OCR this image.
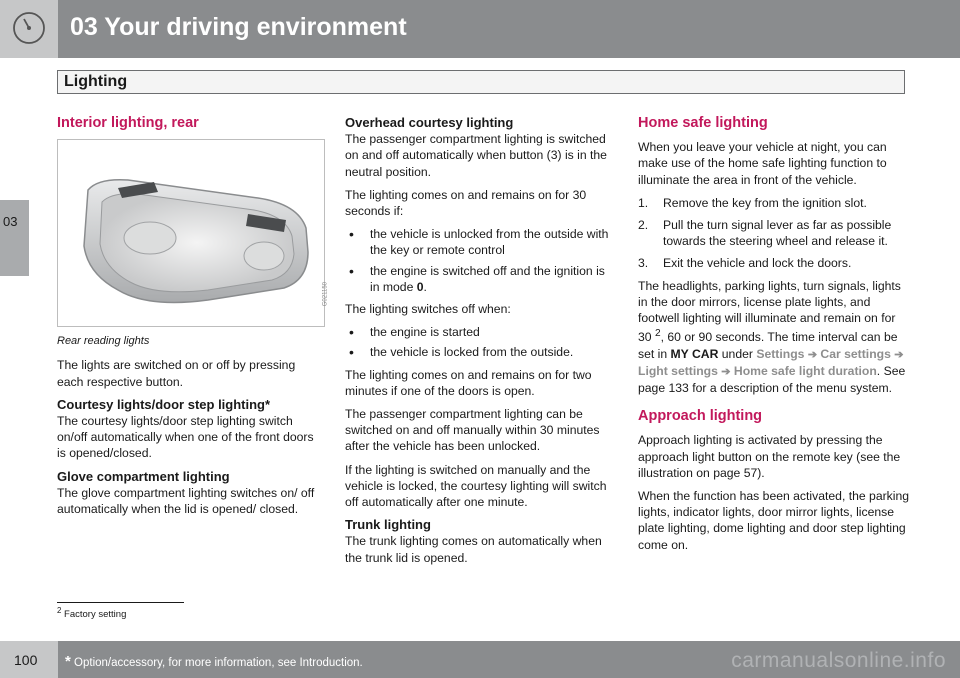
03 Your driving environment
Lighting
03
Interior lighting, rear
G021150
Rear reading lights

The lights are switched on or off by pressing each respective button.

Courtesy lights/door step lighting*

The courtesy lights/door step lighting switch on/off automatically when one of the front doors is opened/closed.

Glove compartment lighting

The glove compartment lighting switches on/ off automatically when the lid is opened/ closed.

Overhead courtesy lighting

The passenger compartment lighting is switched on and off automatically when button (3) is in the neutral position.

The lighting comes on and remains on for 30 seconds if:

• the vehicle is unlocked from the outside with the key or remote control
• the engine is switched off and the ignition is in mode 0.

The lighting switches off when:

• the engine is started
• the vehicle is locked from the outside.

The lighting comes on and remains on for two minutes if one of the doors is open.

The passenger compartment lighting can be switched on and off manually within 30 minutes after the vehicle has been unlocked.

If the lighting is switched on manually and the vehicle is locked, the courtesy lighting will switch off automatically after one minute.

Trunk lighting

The trunk lighting comes on automatically when the trunk lid is opened.

Home safe lighting

When you leave your vehicle at night, you can make use of the home safe lighting function to illuminate the area in front of the vehicle.

1. Remove the key from the ignition slot.
2. Pull the turn signal lever as far as possible towards the steering wheel and release it.
3. Exit the vehicle and lock the doors.

The headlights, parking lights, turn signals, lights in the door mirrors, license plate lights, and footwell lighting will illuminate and remain on for 30 $^2$, 60 or 90 seconds. The time interval can be set in MY CAR under Settings ➔ Car settings ➔ Light settings ➔ Home safe light duration. See page 133 for a description of the menu system.

Approach lighting

Approach lighting is activated by pressing the approach light button on the remote key (see the illustration on page 57).

When the function has been activated, the parking lights, indicator lights, door mirror lights, license plate lighting, dome lighting and door step lighting come on.

$^2$ Factory setting
100 * Option/accessory, for more information, see Introduction.	carmanualsonline.info
